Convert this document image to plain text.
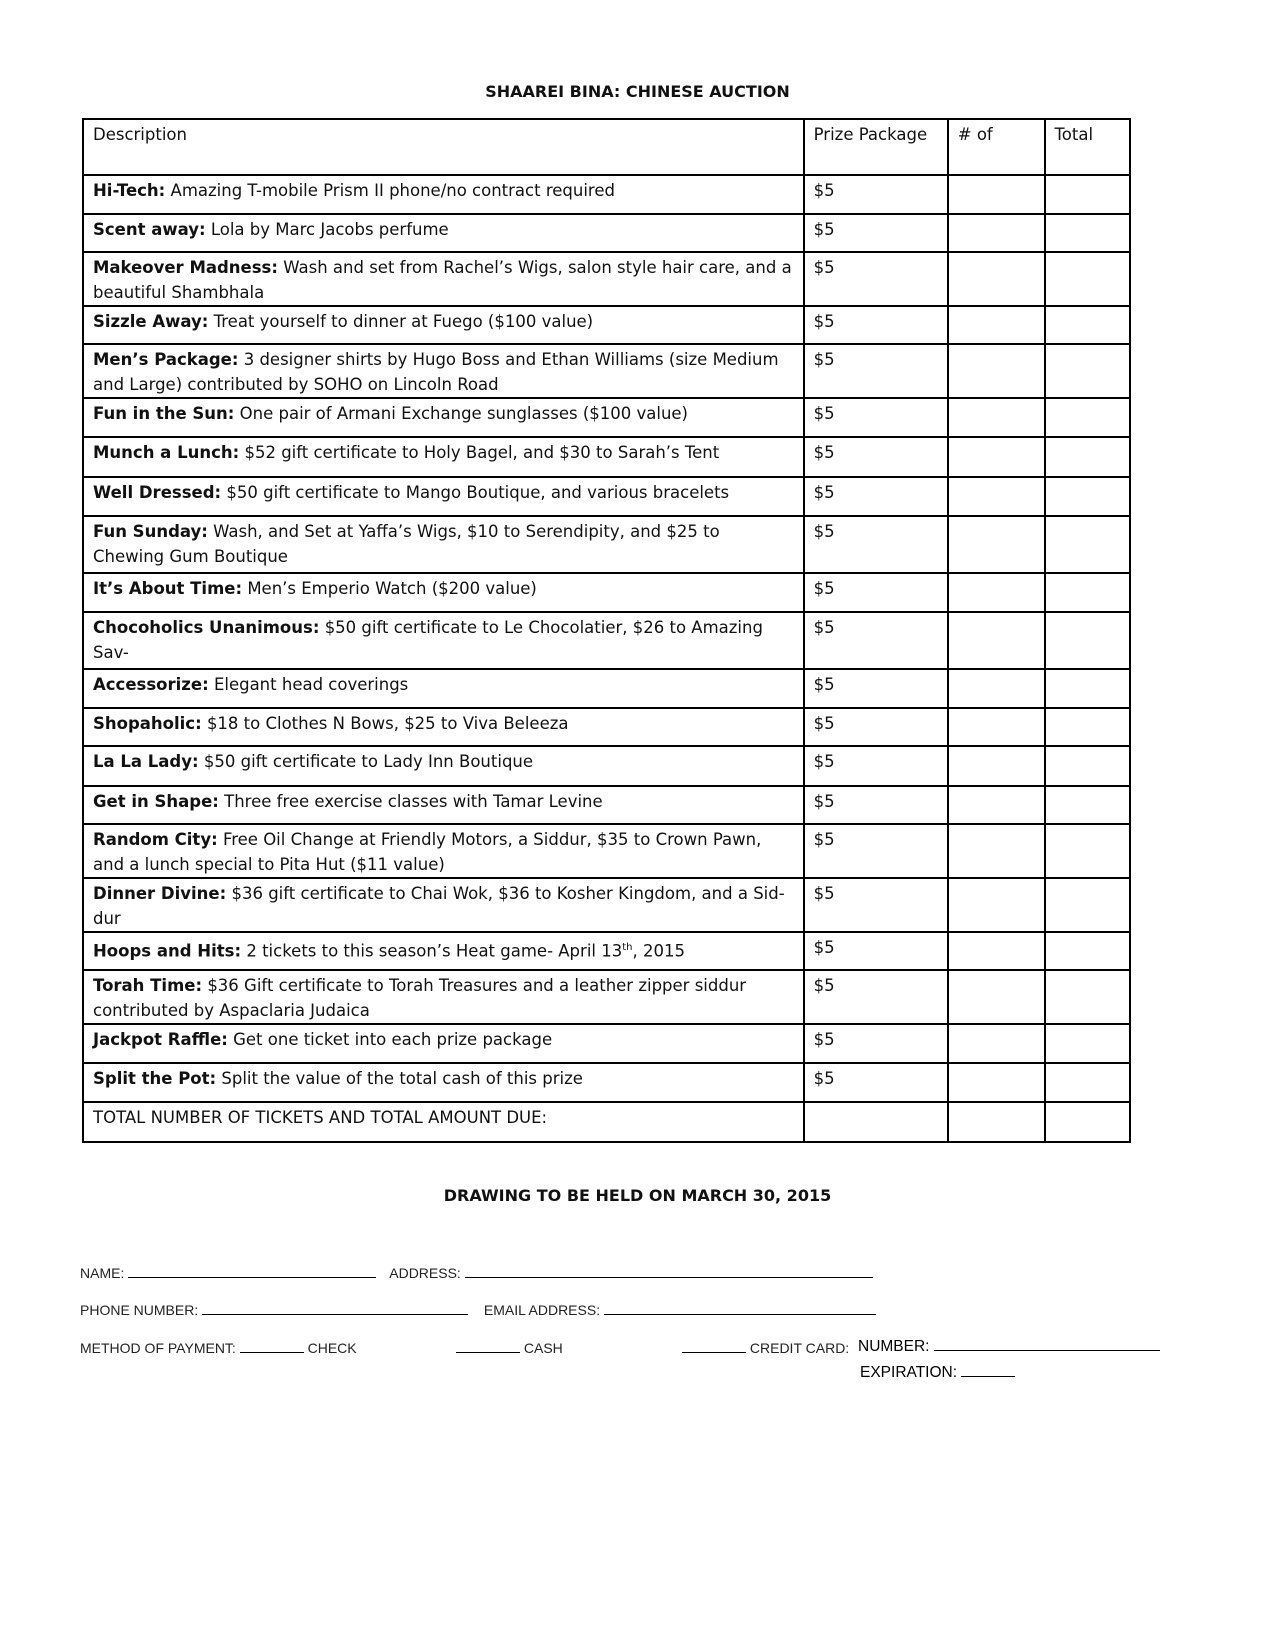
SHAAREI BINA: CHINESE AUCTION
Description	Prize Package	# of	Total
Hi-Tech: Amazing T-mobile Prism II phone/no contract required	$5		
Scent away: Lola by Marc Jacobs perfume	$5		
Makeover Madness: Wash and set from Rachel’s Wigs, salon style hair care, and a beautiful Shambhala	$5		
Sizzle Away: Treat yourself to dinner at Fuego ($100 value)	$5		
Men’s Package: 3 designer shirts by Hugo Boss and Ethan Williams (size Medium and Large) contributed by SOHO on Lincoln Road	$5		
Fun in the Sun: One pair of Armani Exchange sunglasses ($100 value)	$5		
Munch a Lunch: $52 gift certificate to Holy Bagel, and $30 to Sarah’s Tent	$5		
Well Dressed: $50 gift certificate to Mango Boutique, and various bracelets	$5		
Fun Sunday: Wash, and Set at Yaffa’s Wigs, $10 to Serendipity, and $25 to Chewing Gum Boutique	$5		
It’s About Time: Men’s Emperio Watch ($200 value)	$5		
Chocoholics Unanimous: $50 gift certificate to Le Chocolatier, $26 to Amazing Sav-	$5		
Accessorize: Elegant head coverings	$5		
Shopaholic: $18 to Clothes N Bows, $25 to Viva Beleeza	$5		
La La Lady: $50 gift certificate to Lady Inn Boutique	$5		
Get in Shape: Three free exercise classes with Tamar Levine	$5		
Random City: Free Oil Change at Friendly Motors, a Siddur, $35 to Crown Pawn, and a lunch special to Pita Hut ($11 value)	$5		
Dinner Divine: $36 gift certificate to Chai Wok, $36 to Kosher Kingdom, and a Sid-dur	$5		
Hoops and Hits: 2 tickets to this season’s Heat game- April 13th, 2015	$5		
Torah Time: $36 Gift certificate to Torah Treasures and a leather zipper siddur contributed by Aspaclaria Judaica	$5		
Jackpot Raffle: Get one ticket into each prize package	$5		
Split the Pot: Split the value of the total cash of this prize	$5		
TOTAL NUMBER OF TICKETS AND TOTAL AMOUNT DUE:			
DRAWING TO BE HELD ON MARCH 30, 2015
NAME:	ADDRESS:
PHONE NUMBER:	EMAIL ADDRESS:
METHOD OF PAYMENT:	CHECK	CASH	CREDIT CARD: NUMBER:
EXPIRATION:
